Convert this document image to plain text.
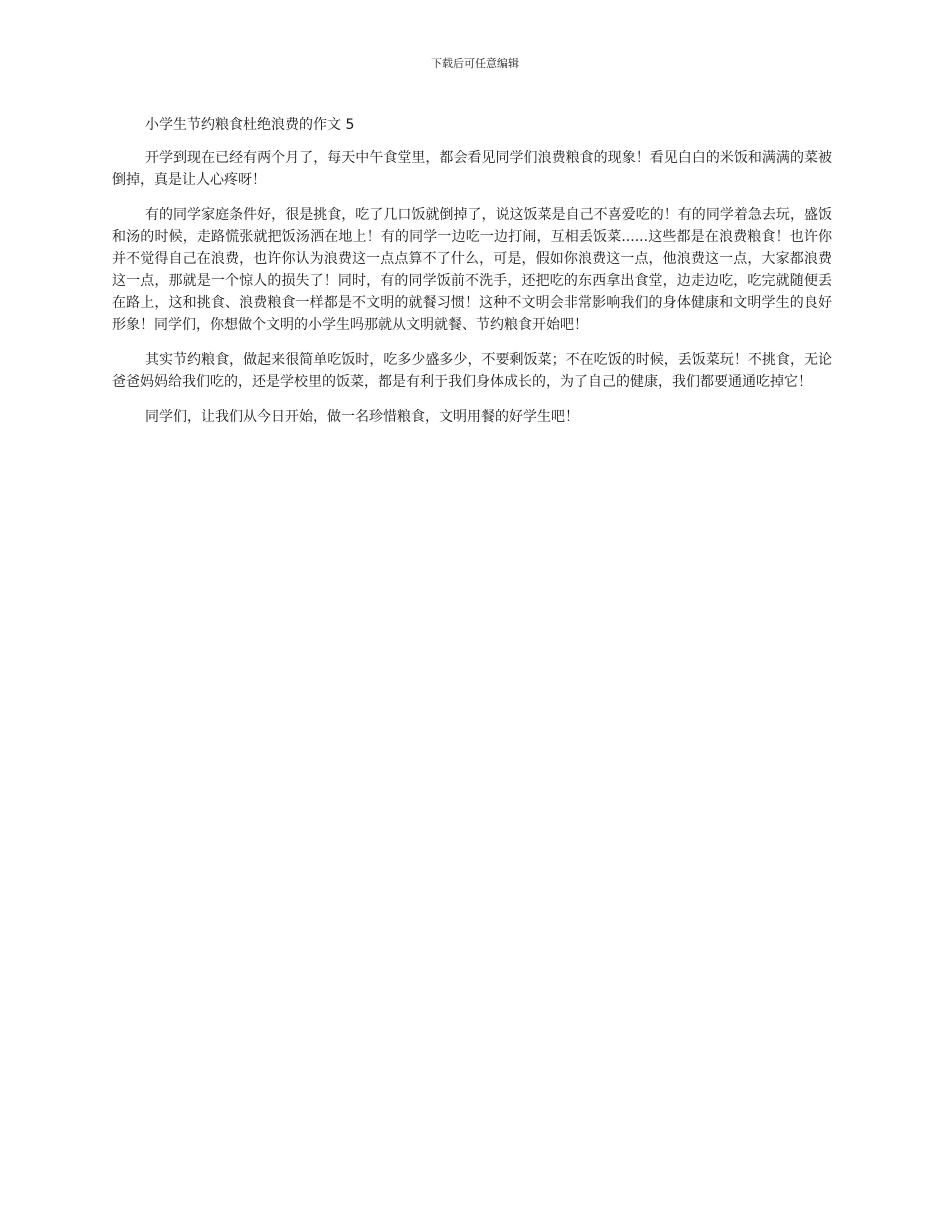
下载后可任意编辑

小学生节约粮食杜绝浪费的作文 5

开学到现在已经有两个月了，每天中午食堂里，都会看见同学们浪费粮食的现象！看见白白的米饭和满满的菜被倒掉，真是让人心疼呀！

有的同学家庭条件好，很是挑食，吃了几口饭就倒掉了，说这饭菜是自己不喜爱吃的！有的同学着急去玩，盛饭和汤的时候，走路慌张就把饭汤洒在地上！有的同学一边吃一边打闹，互相丢饭菜......这些都是在浪费粮食！也许你并不觉得自己在浪费，也许你认为浪费这一点点算不了什么，可是，假如你浪费这一点，他浪费这一点，大家都浪费这一点，那就是一个惊人的损失了！同时，有的同学饭前不洗手，还把吃的东西拿出食堂，边走边吃，吃完就随便丢在路上，这和挑食、浪费粮食一样都是不文明的就餐习惯！这种不文明会非常影响我们的身体健康和文明学生的良好形象！同学们，你想做个文明的小学生吗那就从文明就餐、节约粮食开始吧！

其实节约粮食，做起来很简单吃饭时，吃多少盛多少，不要剩饭菜；不在吃饭的时候，丢饭菜玩！不挑食，无论爸爸妈妈给我们吃的，还是学校里的饭菜，都是有利于我们身体成长的，为了自己的健康，我们都要通通吃掉它！

同学们，让我们从今日开始，做一名珍惜粮食，文明用餐的好学生吧！
